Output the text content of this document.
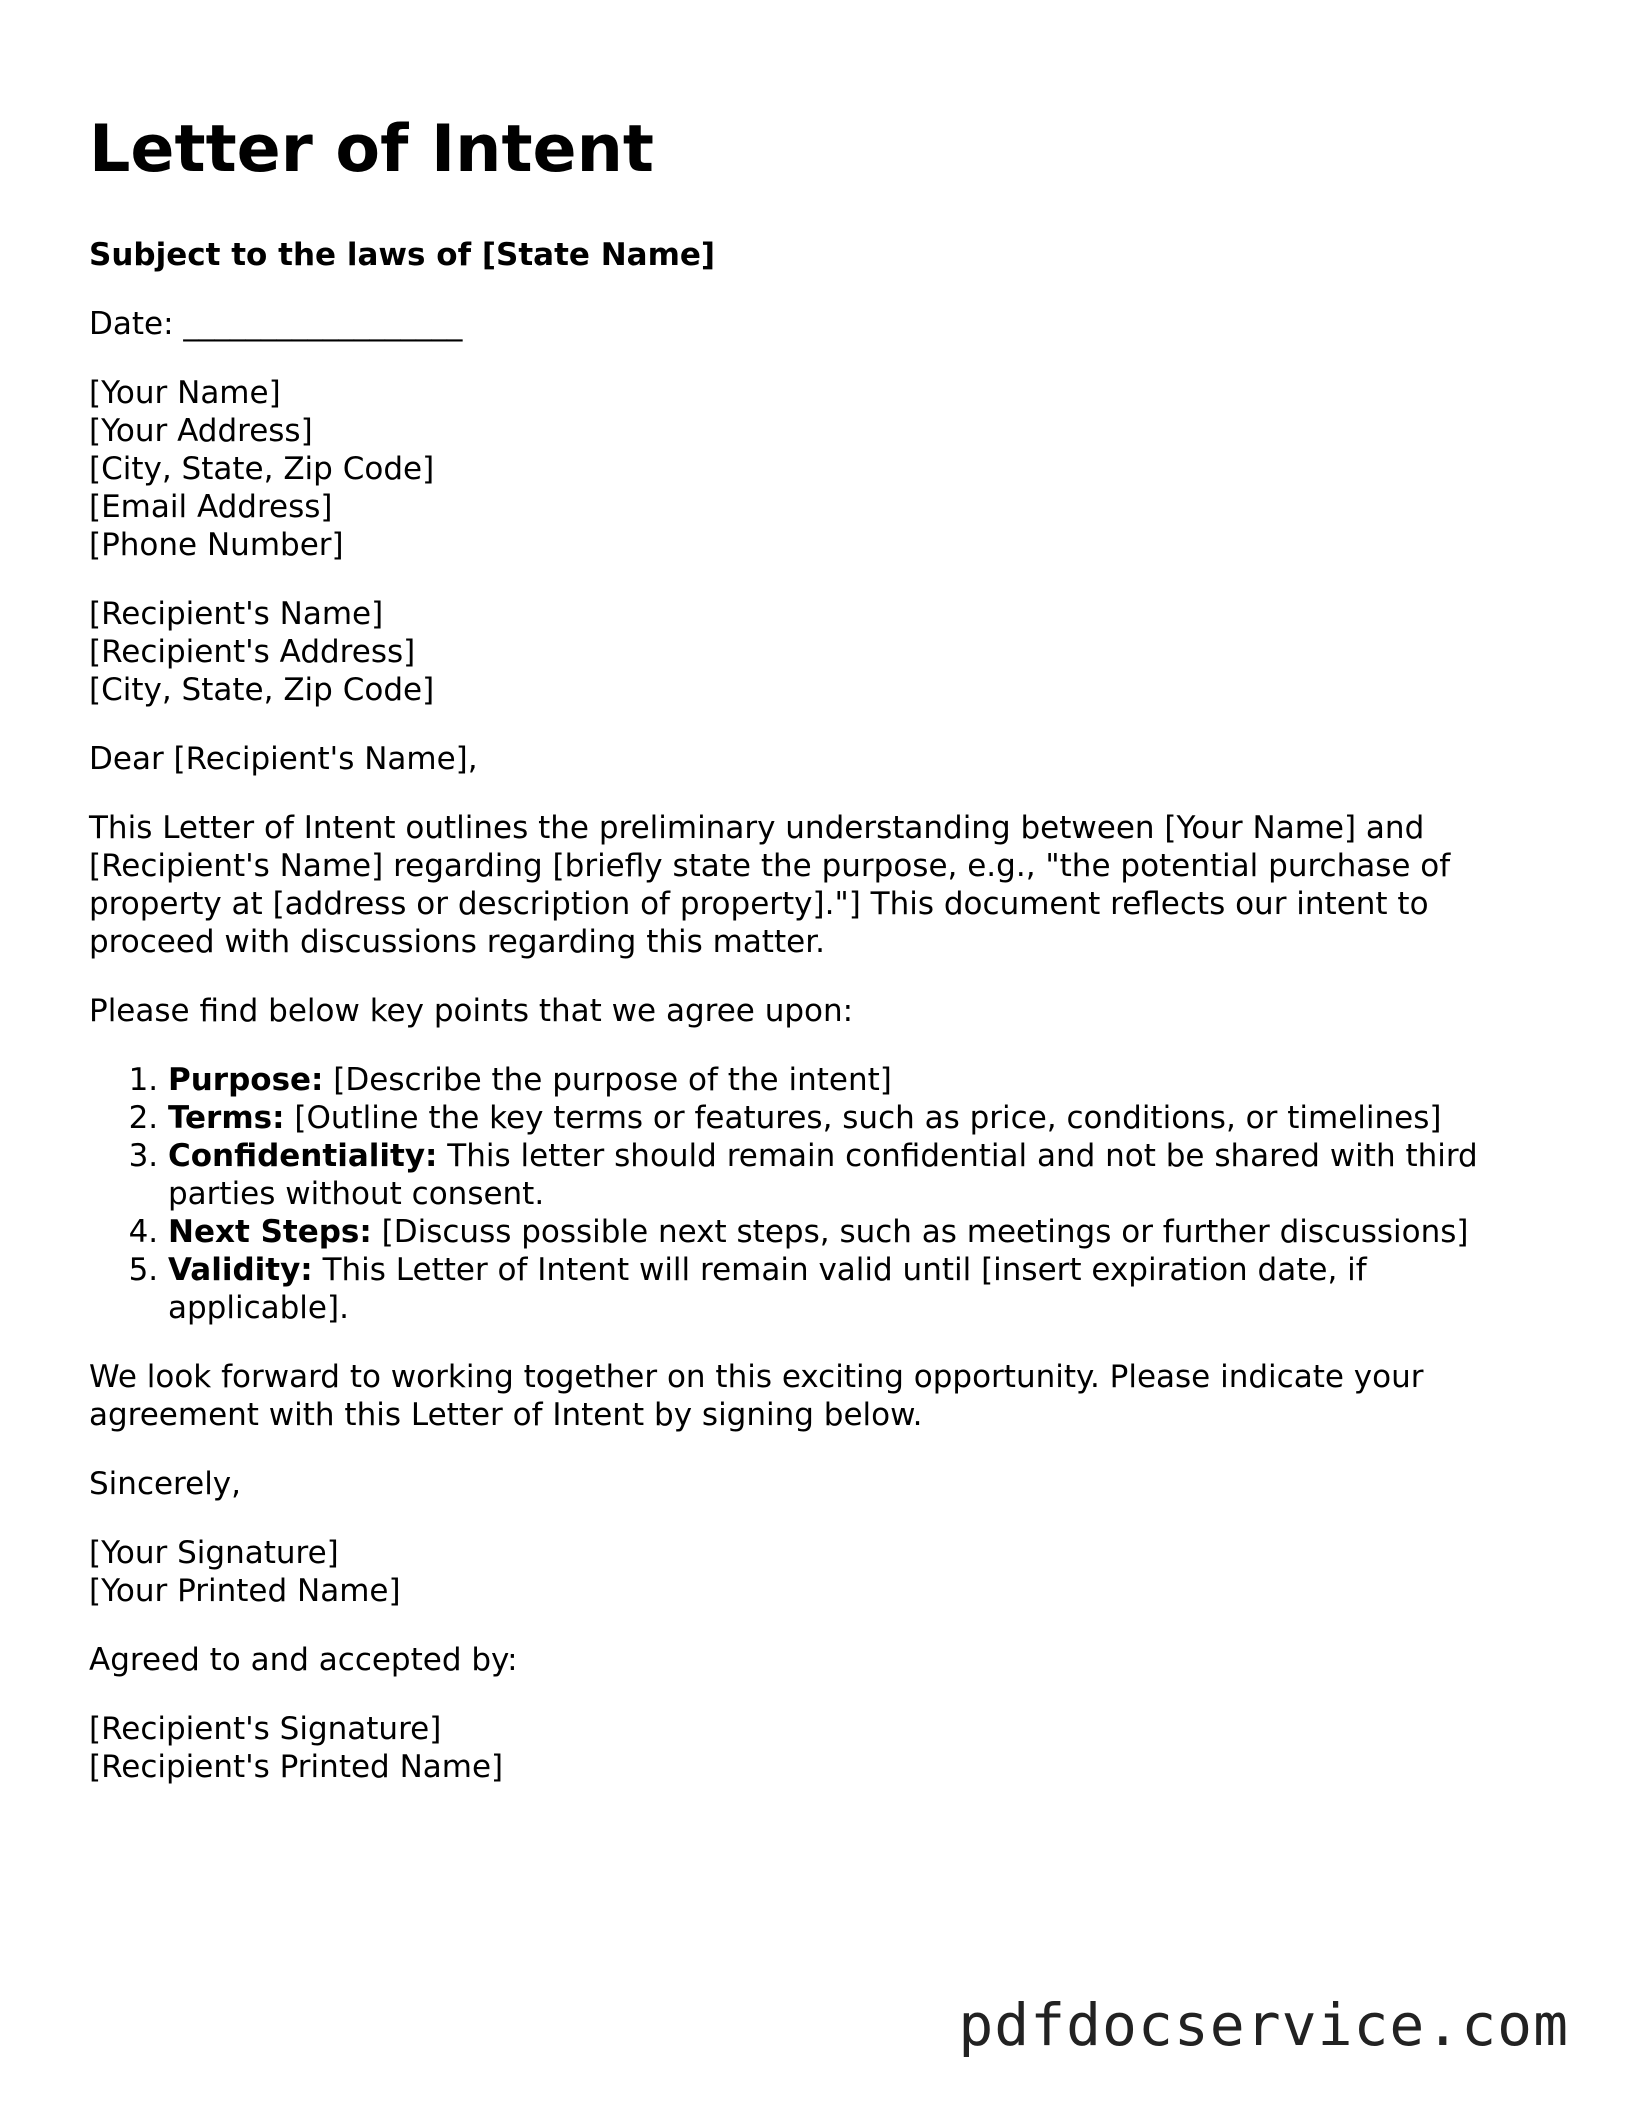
Letter of Intent
Subject to the laws of [State Name]

Date: __________________

[Your Name]
[Your Address]
[City, State, Zip Code]
[Email Address]
[Phone Number]
[Recipient's Name]
[Recipient's Address]
[City, State, Zip Code]

Dear [Recipient's Name],

This Letter of Intent outlines the preliminary understanding between [Your Name] and [Recipient's Name] regarding [briefly state the purpose, e.g., "the potential purchase of property at [address or description of property]."] This document reflects our intent to proceed with discussions regarding this matter.

Please find below key points that we agree upon:

1. Purpose: [Describe the purpose of the intent]
2. Terms: [Outline the key terms or features, such as price, conditions, or timelines]
3. Confidentiality: This letter should remain confidential and not be shared with third parties without consent.
4. Next Steps: [Discuss possible next steps, such as meetings or further discussions]
5. Validity: This Letter of Intent will remain valid until [insert expiration date, if applicable].

We look forward to working together on this exciting opportunity. Please indicate your agreement with this Letter of Intent by signing below.

Sincerely,

[Your Signature]
[Your Printed Name]

Agreed to and accepted by:

[Recipient's Signature]
[Recipient's Printed Name]
pdfdocservice.com
